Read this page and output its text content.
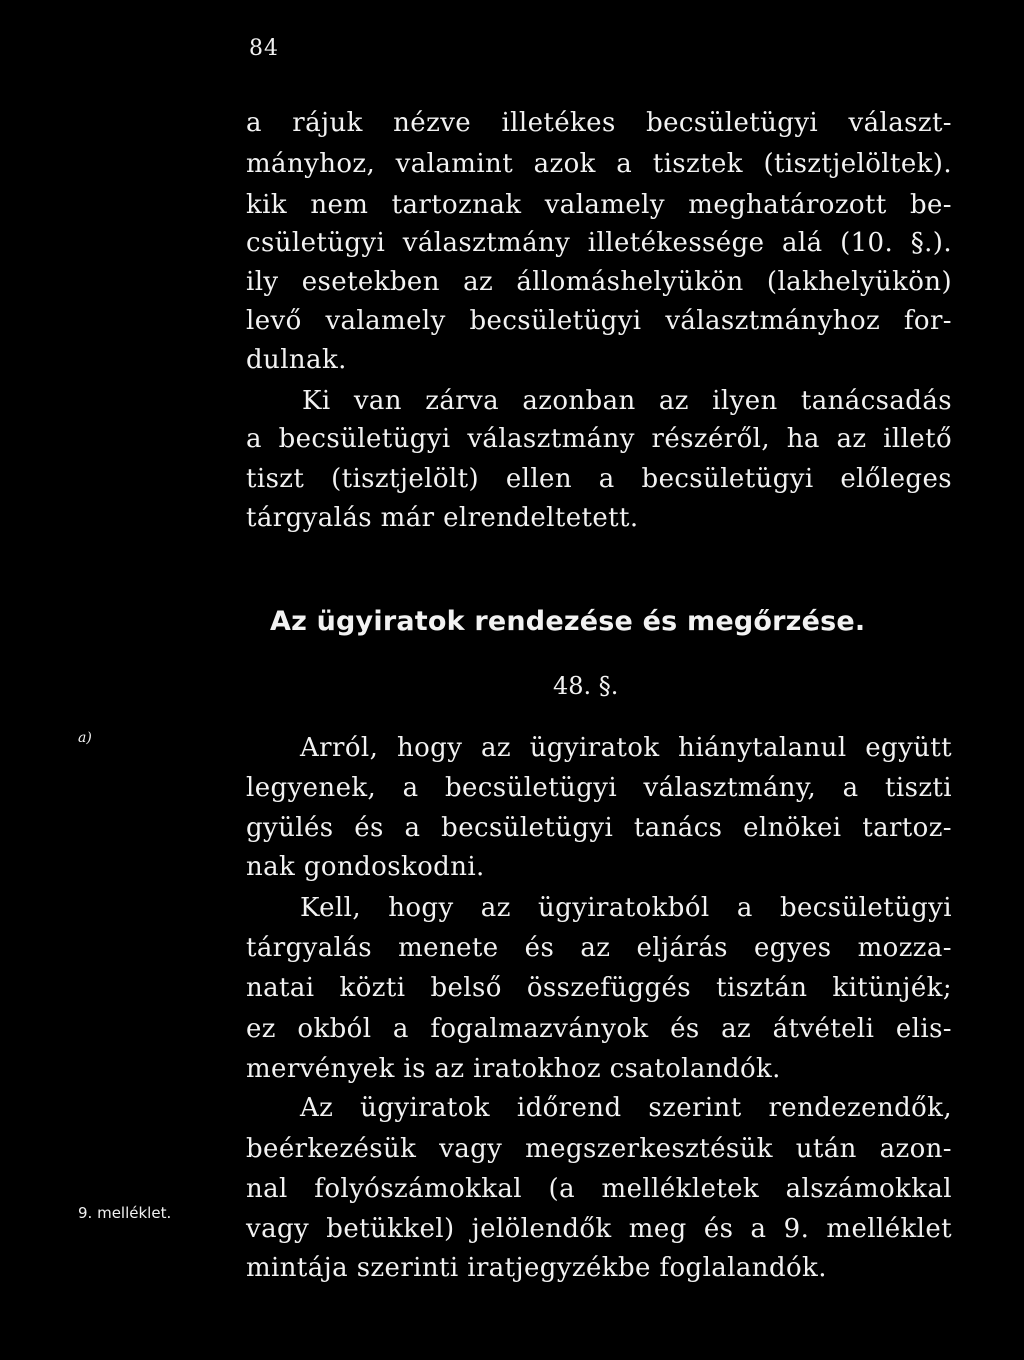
84
a rájuk nézve illetékes becsületügyi választ-
mányhoz, valamint azok a tisztek (tisztjelöltek).
kik nem tartoznak valamely meghatározott be-
csületügyi választmány illetékessége alá (10. §.).
ily esetekben az állomáshelyükön (lakhelyükön)
levő valamely becsületügyi választmányhoz for-
dulnak.
Ki van zárva azonban az ilyen tanácsadás
a becsületügyi választmány részéről, ha az illető
tiszt (tisztjelölt) ellen a becsületügyi előleges
tárgyalás már elrendeltetett.
Az ügyiratok rendezése és megőrzése.
48. §.
a)	Arról, hogy az ügyiratok hiánytalanul együtt
legyenek, a becsületügyi választmány, a tiszti
gyülés és a becsületügyi tanács elnökei tartoz-
nak gondoskodni.
Kell, hogy az ügyiratokból a becsületügyi
tárgyalás menete és az eljárás egyes mozza-
natai közti belső összefüggés tisztán kitünjék;
ez okból a fogalmazványok és az átvételi elis-
mervények is az iratokhoz csatolandók.
Az ügyiratok időrend szerint rendezendők,
beérkezésük vagy megszerkesztésük után azon-
nal folyószámokkal (a mellékletek alszámokkal
vagy betükkel) jelölendők meg és a 9. melléklet
mintája szerinti iratjegyzékbe foglalandók.
9. melléklet.
